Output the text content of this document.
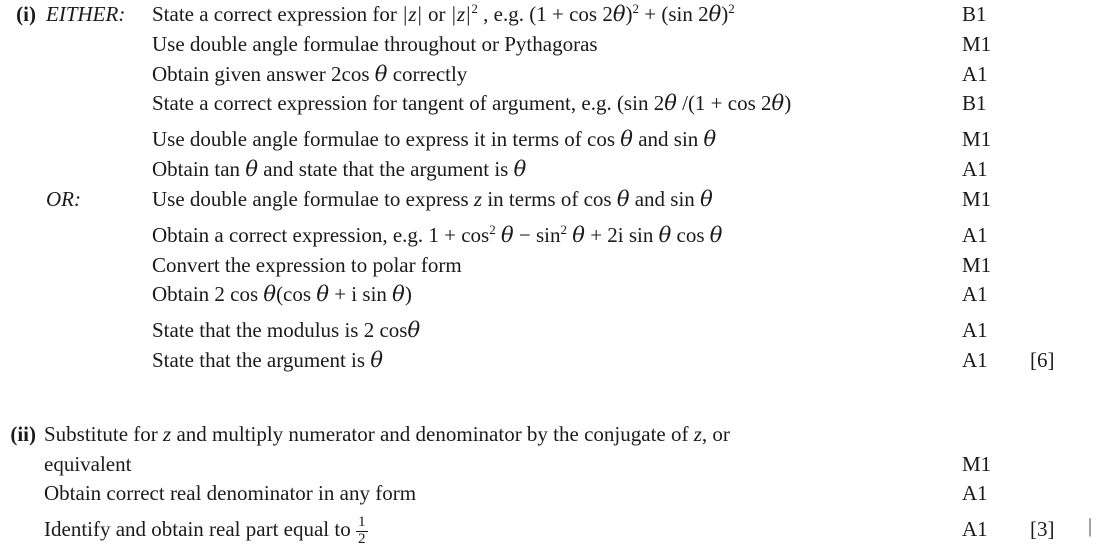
(i) EITHER:	State a correct expression for |z| or $|z|^2$ , e.g. $(1 + \cos 2\theta)^2 + (\sin$ 2θ)$^2$	B1
Use double angle formulae throughout or Pythagoras	M1
Obtain given answer 2cos θ correctly	A1
State a correct expression for tangent of argument, e.g. (sin 2θ /(1 + cos 2θ)	B1
Use double angle formulae to express it in terms of cos θ and sin θ	M1
Obtain tan θ and state that the argument is θ	A1
OR:	Use double angle formulae to express z in terms of cos θ and sin θ	M1
Obtain a correct expression, e.g. $1 + \cos^2 \theta - \sin^2 \theta + 2i$ sin θ cos θ	A1
Convert the expression to polar form	M1
Obtain 2 cos θ(cos θ + i sin θ)	A1
State that the modulus is 2 cosθ	A1
State that the argument is θ	A1	[6]
(ii) Substitute for z and multiply numerator and denominator by the conjugate of z, or
equivalent	M1
Obtain correct real denominator in any form	A1
Identify and obtain real part equal to $\frac{1}{2}$	A1	[3]	|
